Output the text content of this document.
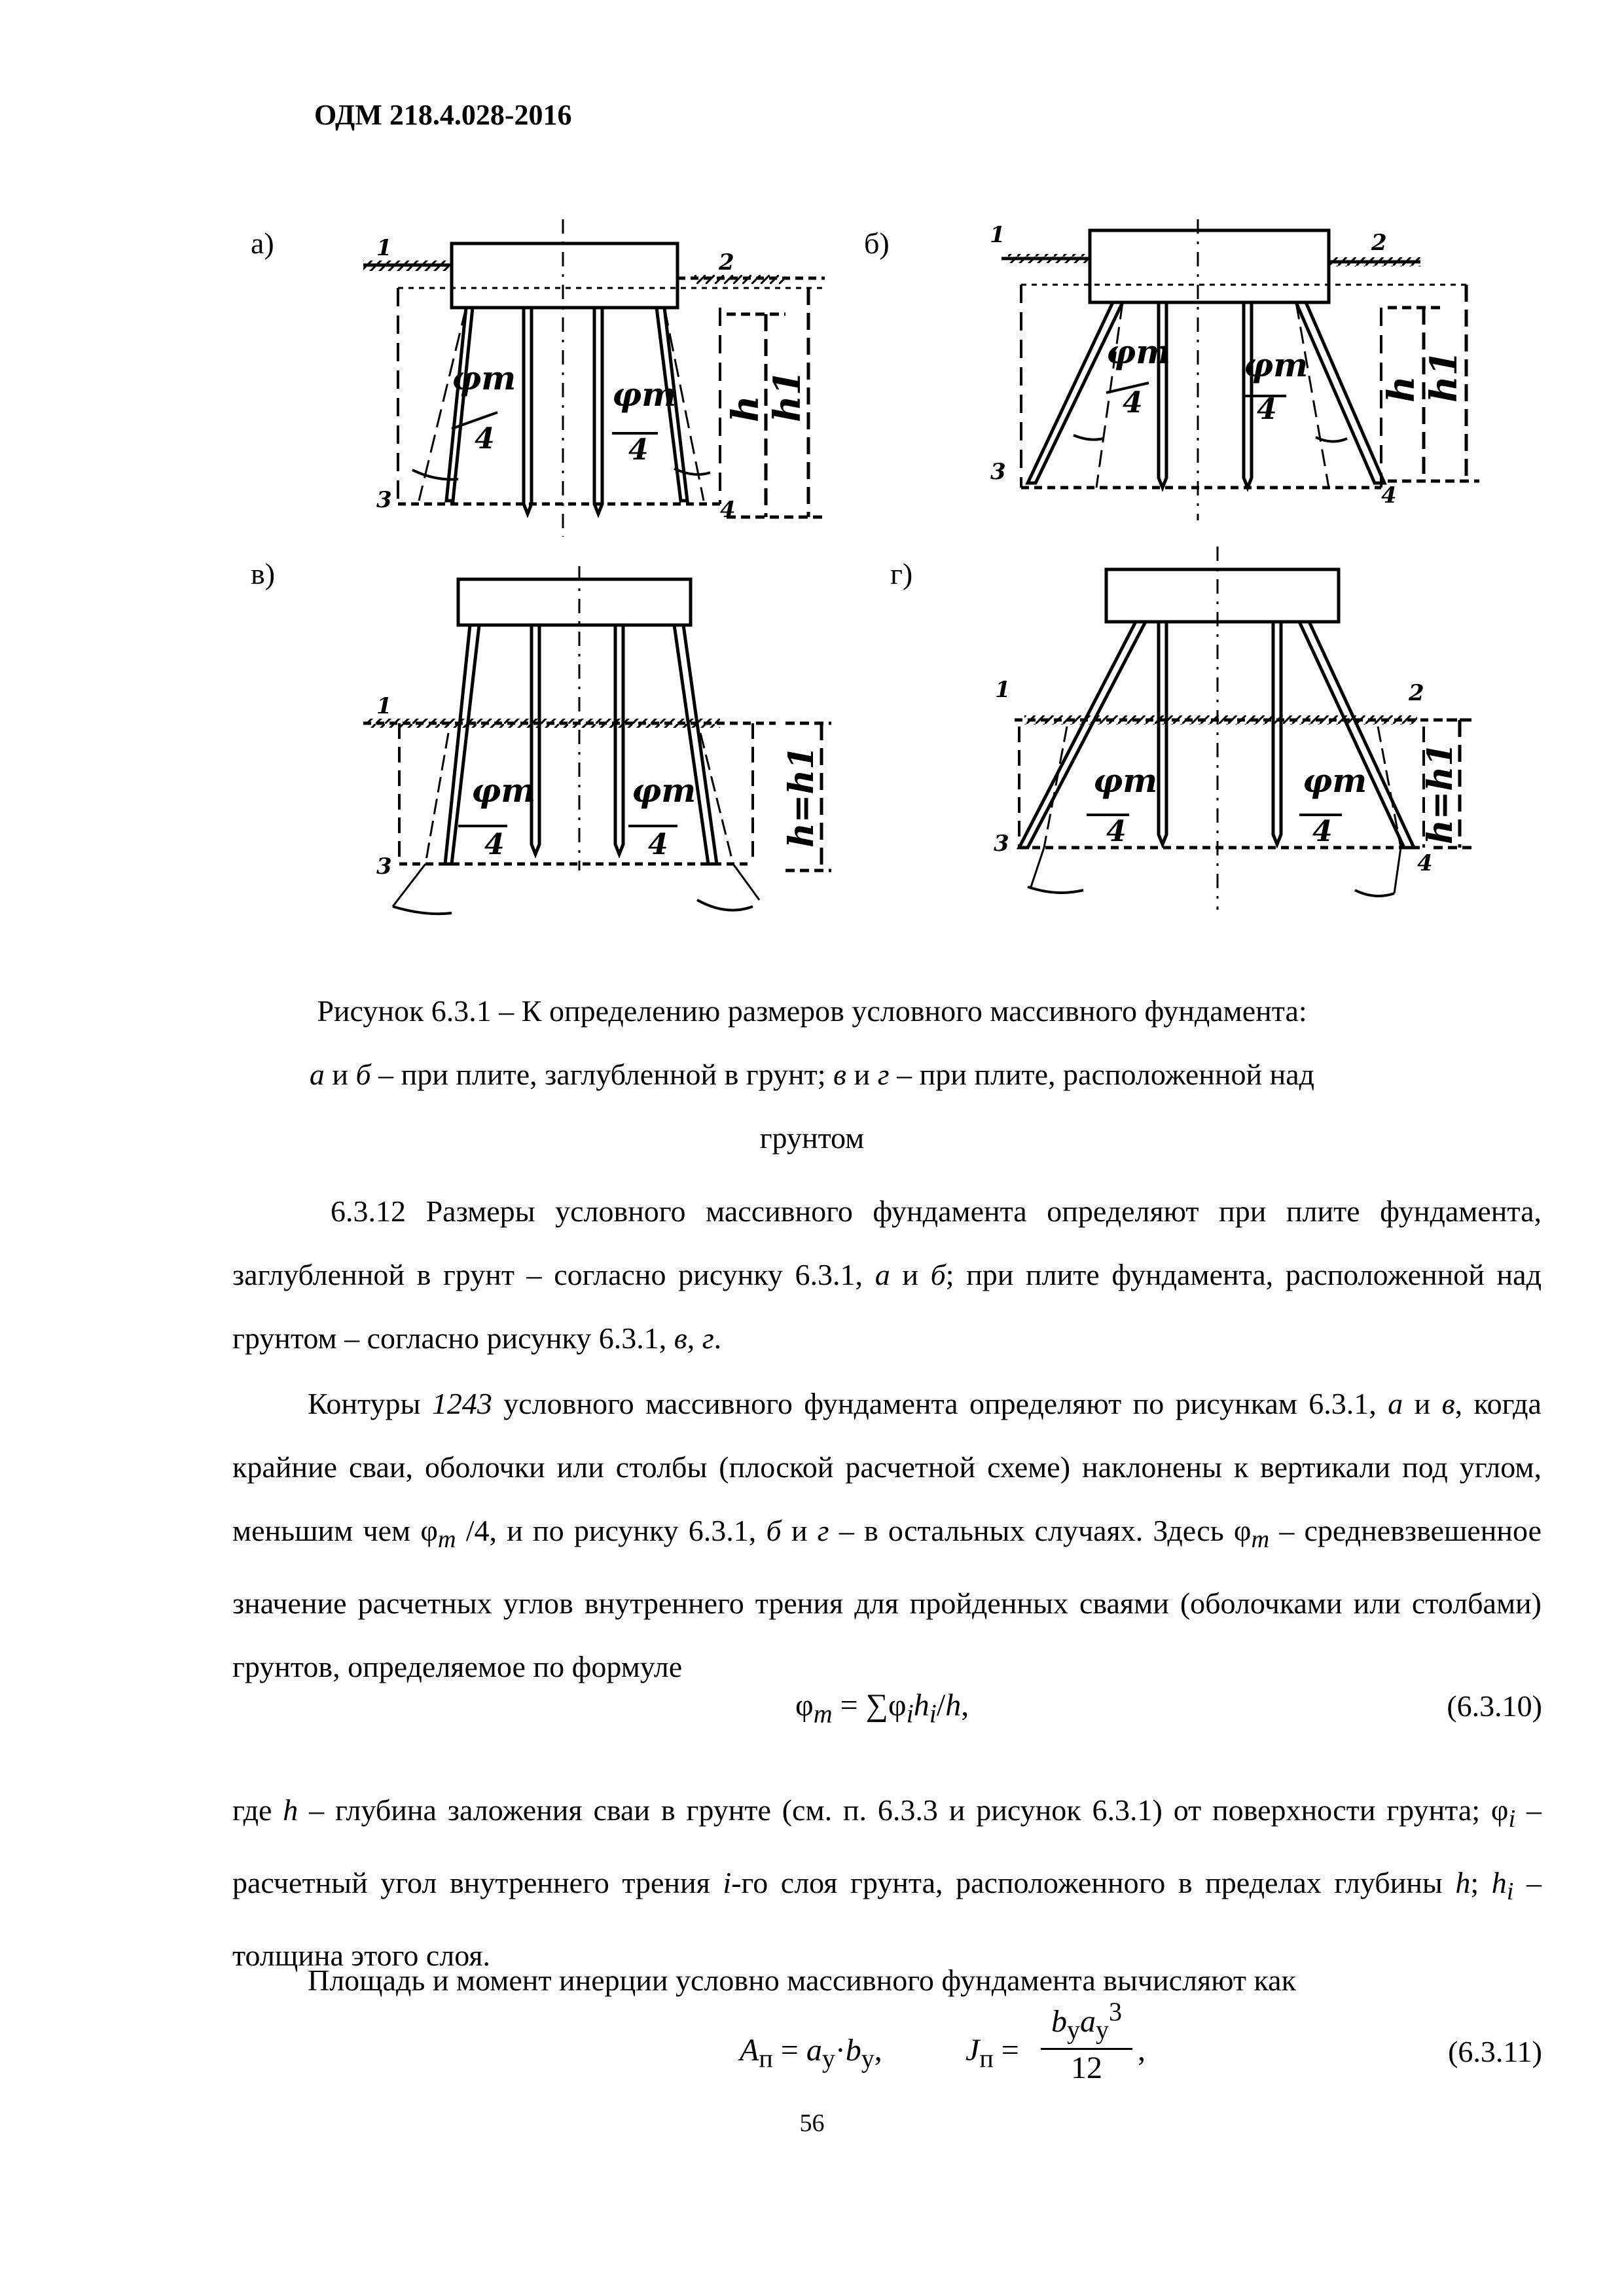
ОДМ 218.4.028-2016
а)	б)
в)	г)
1
2
3	4
φm
4
φm
4
h
h1
1	2
3
4
φm
4
φm
4
h h1
1
3
φm
4
φm
4	h=h1
1	2
3
4
φm
4
φm
4	h=h1
Рисунок 6.3.1 – К определению размеров условного массивного фундамента:
а и б – при плите, заглубленной в грунт; в и г – при плите, расположенной над
грунтом

6.3.12 Размеры условного массивного фундамента определяют при плите фундамента, заглубленной в грунт – согласно рисунку 6.3.1, а и б; при плите фундамента, расположенной над грунтом – согласно рисунку 6.3.1, в, г.

Контуры 1243 условного массивного фундамента определяют по рисункам 6.3.1, а и в, когда крайние сваи, оболочки или столбы (плоской расчетной схеме) наклонены к вертикали под углом, меньшим чем $\varphi_m$ /4, и по рисунку 6.3.1, б и г – в остальных случаях. Здесь $\varphi_m$ – средневзвешенное значение расчетных углов внутреннего трения для пройденных сваями (оболочками или столбами) грунтов, определяемое по формуле

$\varphi_m = \sum\varphi_ih_i/h$,	(6.3.10)

где h – глубина заложения сваи в грунте (см. п. 6.3.3 и рисунок 6.3.1) от поверхности грунта; $\varphi_i$ – расчетный угол внутреннего трения i-го слоя грунта, расположенного в пределах глубины h; $h_i$ – толщина этого слоя.

Площадь и момент инерции условно массивного фундамента вычисляют как

$A_п = a_у\cdot b_у$,	$J_п$ =
$b_уa_у^3$
12
,	(6.3.11)
56
